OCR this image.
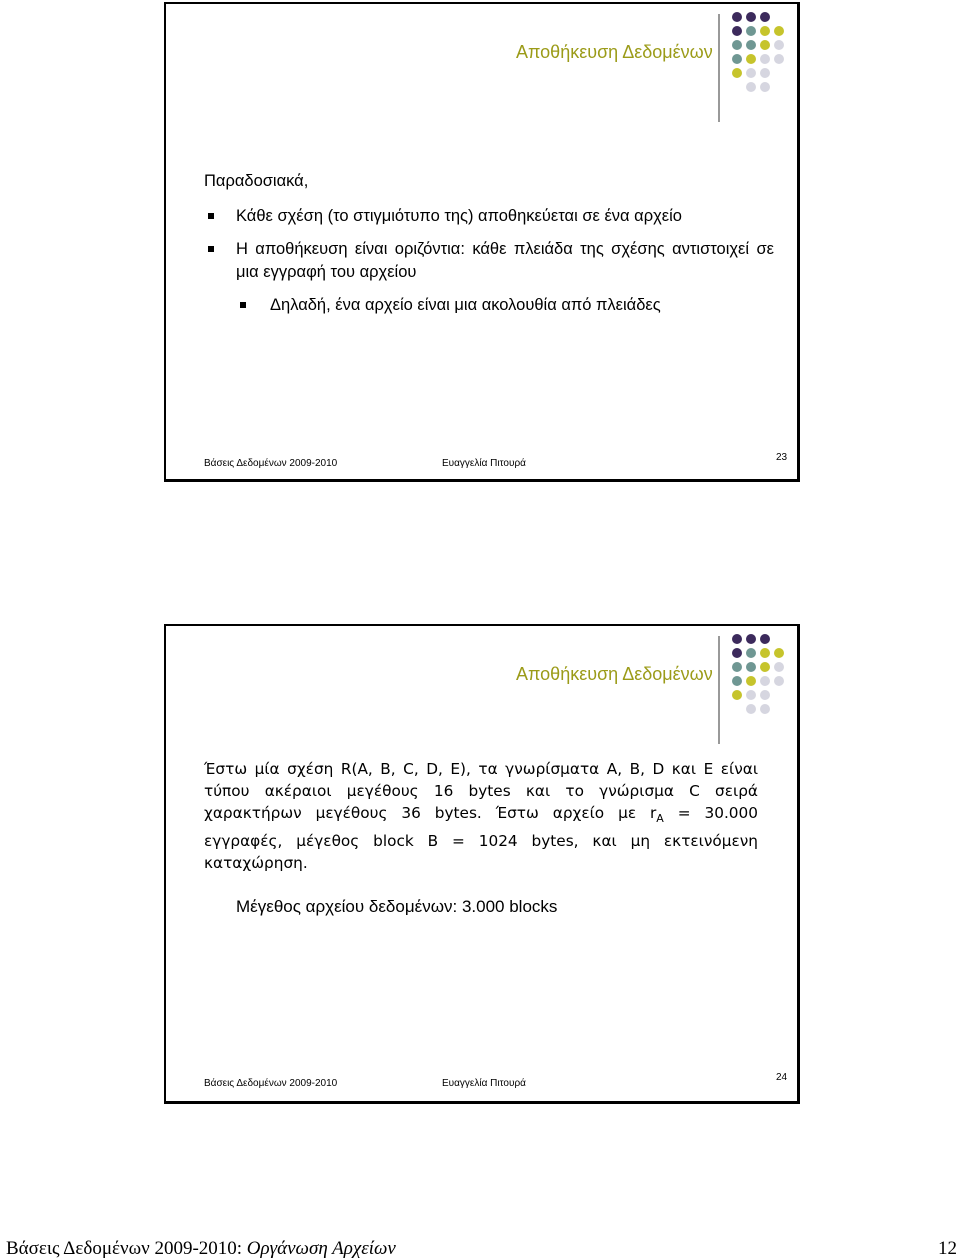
Αποθήκευση Δεδομένων
Παραδοσιακά,
Κάθε σχέση (το στιγμιότυπο της) αποθηκεύεται σε ένα αρχείο
Η αποθήκευση είναι οριζόντια: κάθε πλειάδα της σχέσης αντιστοιχεί σε μια εγγραφή του αρχείου
Δηλαδή, ένα αρχείο είναι μια ακολουθία από πλειάδες
Βάσεις Δεδομένων 2009-2010	Ευαγγελία Πιτουρά
23
Αποθήκευση Δεδομένων

Έστω μία σχέση R(A, B, C, D, E), τα γνωρίσματα A, B, D και E είναι τύπου ακέραιοι μεγέθους 16 bytes και το γνώρισμα C σειρά χαρακτήρων μεγέθους 36 bytes. Έστω αρχείο με $r_A = 30.000$ εγγραφές, μέγεθος block B = 1024 bytes, και μη εκτεινόμενη καταχώρηση.

Μέγεθος αρχείου δεδομένων: 3.000 blocks
Βάσεις Δεδομένων 2009-2010	Ευαγγελία Πιτουρά
24
Βάσεις Δεδομένων 2009-2010: Οργάνωση Αρχείων	12
